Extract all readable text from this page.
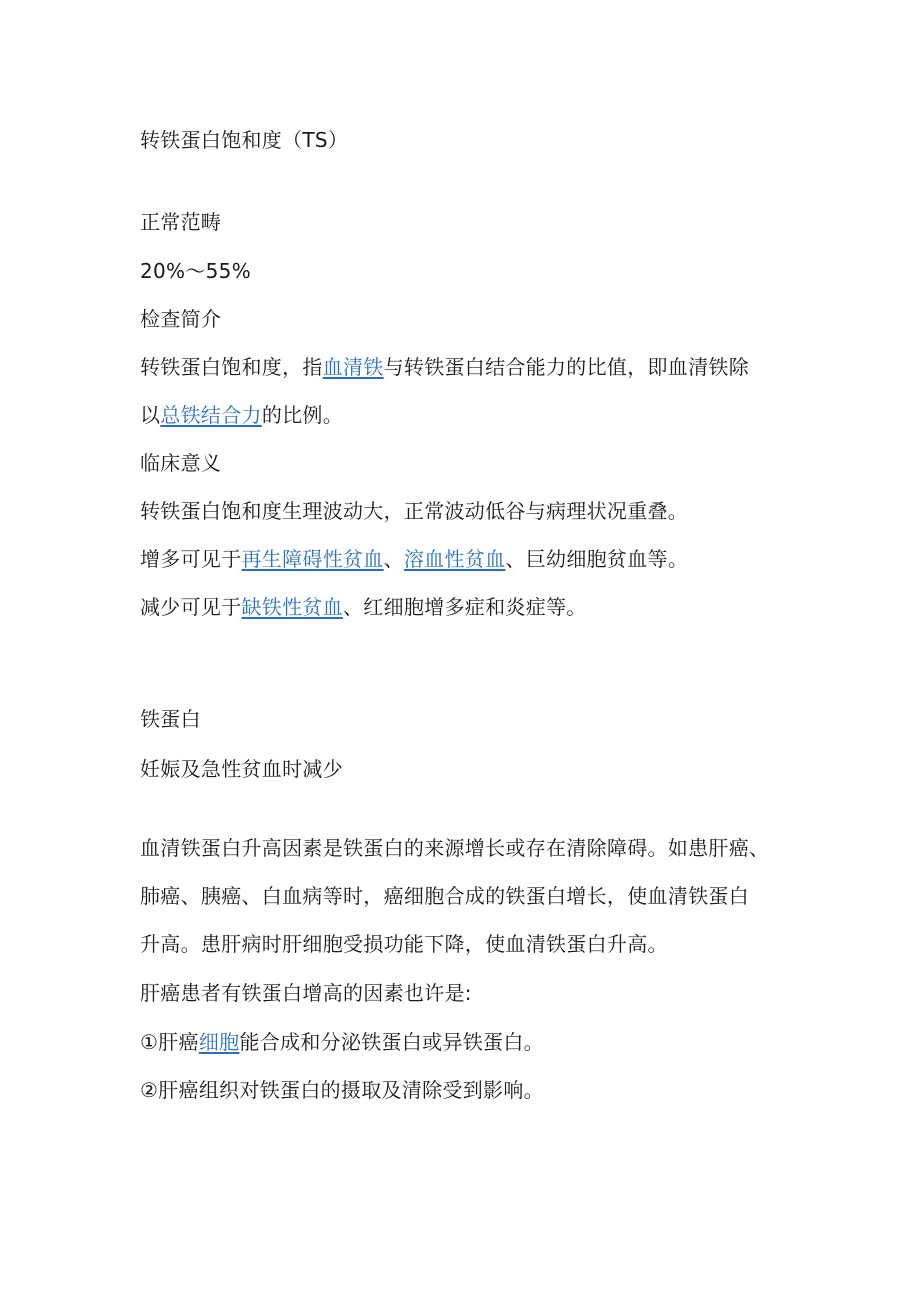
转铁蛋白饱和度（TS）
正常范畴
20%～55%
检查简介
转铁蛋白饱和度，指血清铁与转铁蛋白结合能力的比值，即血清铁除
以总铁结合力的比例。
临床意义
转铁蛋白饱和度生理波动大，正常波动低谷与病理状况重叠。
增多可见于再生障碍性贫血、溶血性贫血、巨幼细胞贫血等。
减少可见于缺铁性贫血、红细胞增多症和炎症等。
铁蛋白
妊娠及急性贫血时减少
血清铁蛋白升高因素是铁蛋白的来源增长或存在清除障碍。如患肝癌、
肺癌、胰癌、白血病等时，癌细胞合成的铁蛋白增长，使血清铁蛋白
升高。患肝病时肝细胞受损功能下降，使血清铁蛋白升高。
肝癌患者有铁蛋白增高的因素也许是:
①肝癌细胞能合成和分泌铁蛋白或异铁蛋白。
②肝癌组织对铁蛋白的摄取及清除受到影响。
